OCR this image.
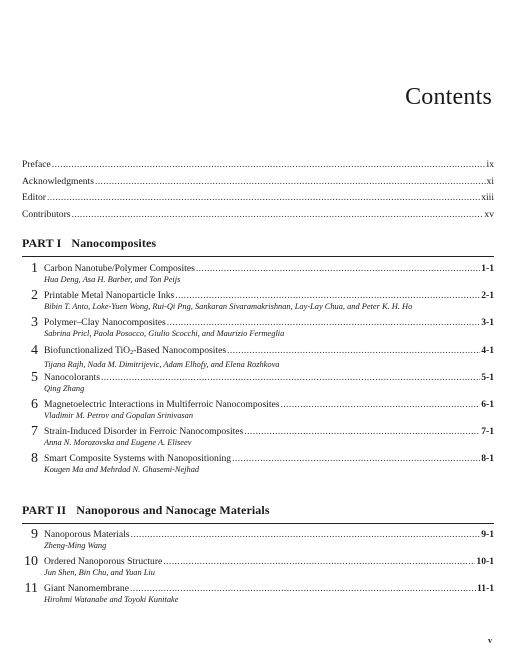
Contents
Preface .....	ix
Acknowledgments .....	xi
Editor .....	xiii
Contributors .....	xv
PART I Nanocomposites
1 Carbon Nanotube/Polymer Composites .....	1-1
Hua Deng, Asa H. Barber, and Ton Peijs
2 Printable Metal Nanoparticle Inks .....	2-1
Bibin T. Anto, Loke-Yuen Wong, Rui-Qi Png, Sankaran Sivaramakrishnan, Lay-Lay Chua, and Peter K. H. Ho
3 Polymer–Clay Nanocomposites .....	3-1
Sabrina Pricl, Paola Posocco, Giulio Scocchi, and Maurizio Fermeglia
4 Biofunctionalized TiO$_2$-Based Nanocomposites .....	4-1
Tijana Rajh, Nada M. Dimitrijevic, Adam Elhofy, and Elena Rozhkova
5 Nanocolorants .....	5-1
Qing Zhang
6 Magnetoelectric Interactions in Multiferroic Nanocomposites .....	6-1
Vladimir M. Petrov and Gopalan Srinivasan
7 Strain-Induced Disorder in Ferroic Nanocomposites .....	7-1
Anna N. Morozovska and Eugene A. Eliseev
8 Smart Composite Systems with Nanopositioning .....	8-1
Kougen Ma and Mehrdad N. Ghasemi-Nejhad
PART II Nanoporous and Nanocage Materials
9 Nanoporous Materials .....	9-1
Zheng-Ming Wang
10 Ordered Nanoporous Structure .....	10-1
Jun Shen, Bin Chu, and Yuan Liu
11 Giant Nanomembrane .....	11-1
Hirohmi Watanabe and Toyoki Kunitake
v
